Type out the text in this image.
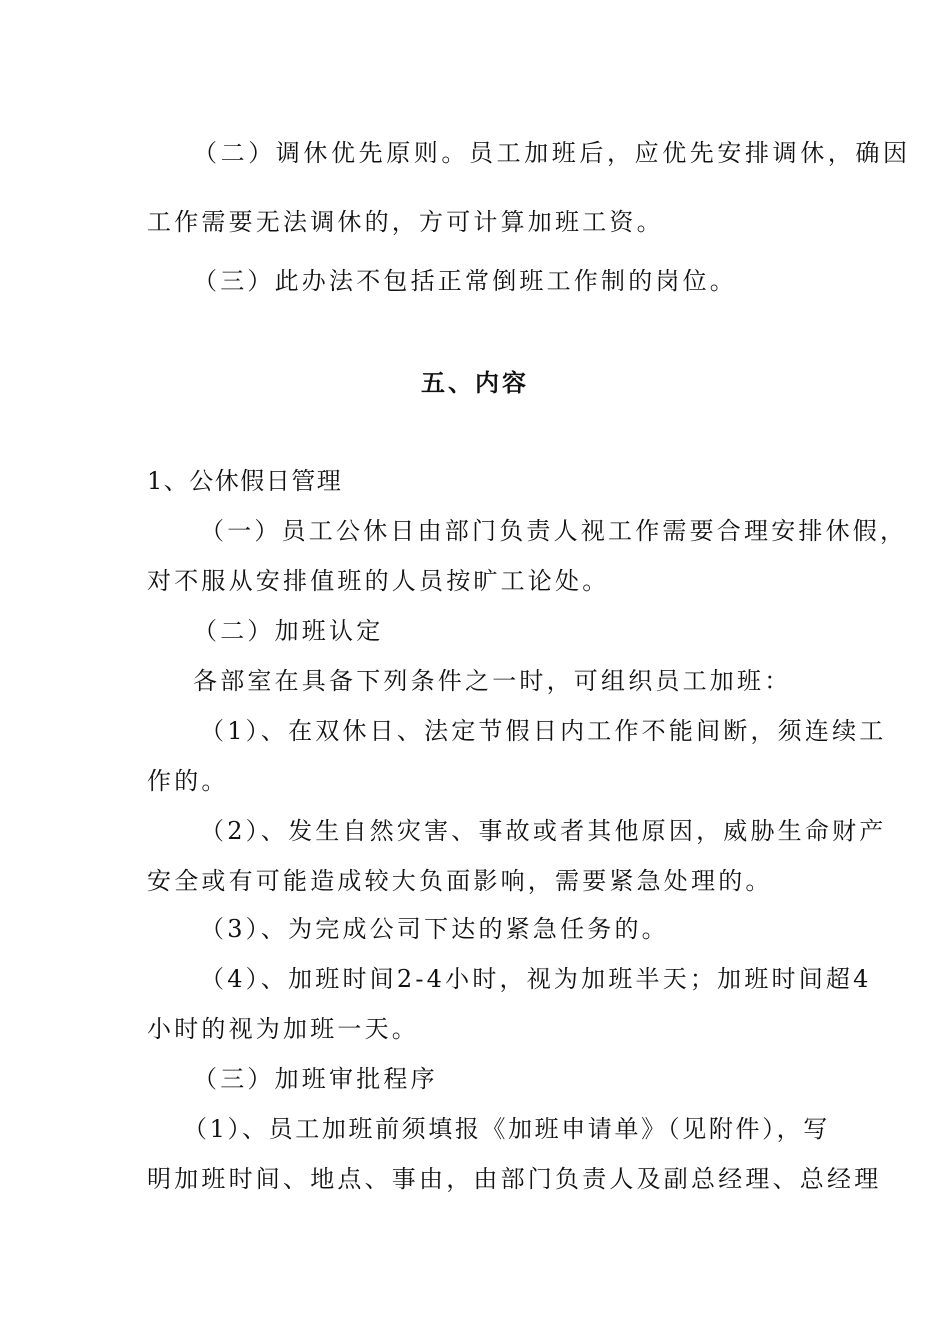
（二）调休优先原则。员工加班后，应优先安排调休，确因
工作需要无法调休的，方可计算加班工资。
（三）此办法不包括正常倒班工作制的岗位。
五、内容
1、公休假日管理
（一）员工公休日由部门负责人视工作需要合理安排休假，
对不服从安排值班的人员按旷工论处。
（二）加班认定
各部室在具备下列条件之一时，可组织员工加班：
（1）、在双休日、法定节假日内工作不能间断，须连续工
作的。
（2）、发生自然灾害、事故或者其他原因，威胁生命财产
安全或有可能造成较大负面影响，需要紧急处理的。
（3）、为完成公司下达的紧急任务的。
（4）、加班时间2-4小时，视为加班半天；加班时间超4
小时的视为加班一天。
（三）加班审批程序
（1）、员工加班前须填报《加班申请单》（见附件），写
明加班时间、地点、事由，由部门负责人及副总经理、总经理
